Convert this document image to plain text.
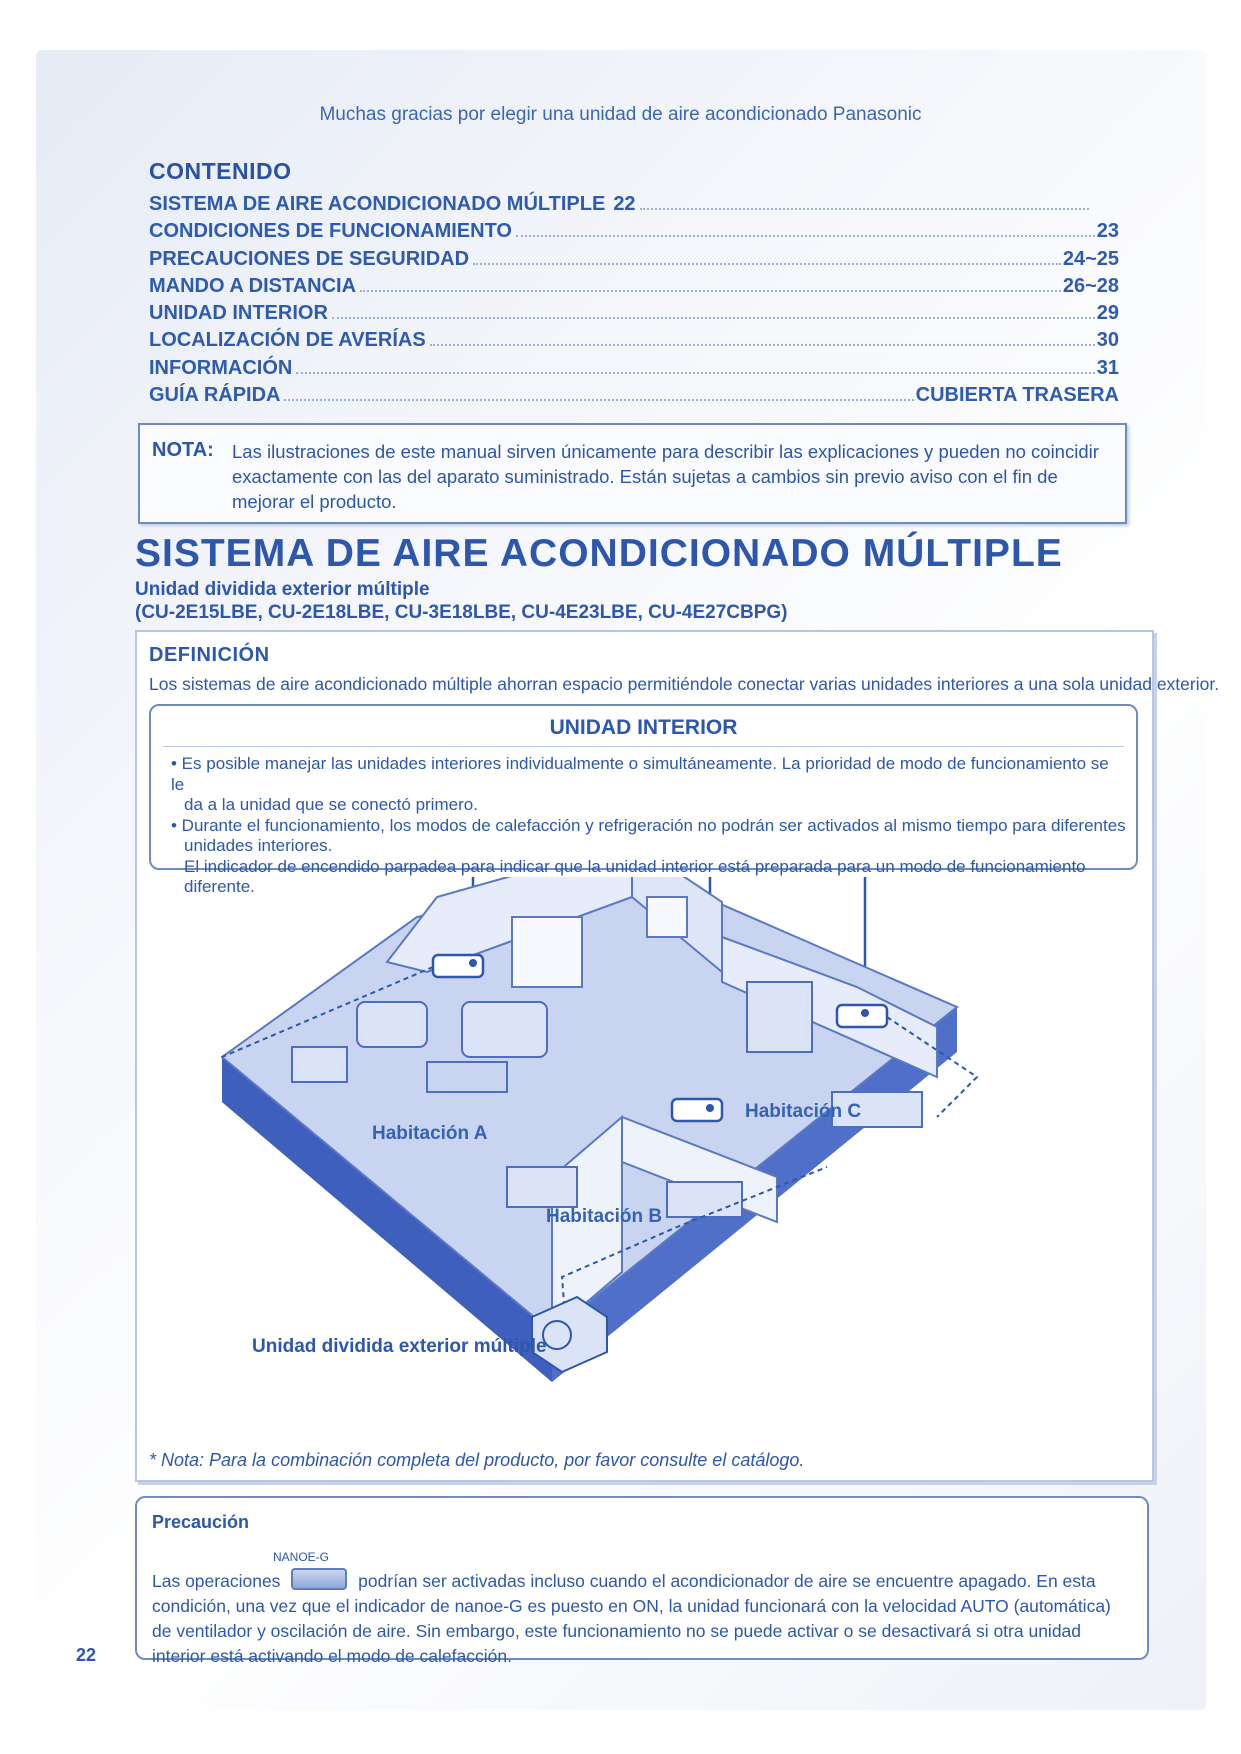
Muchas gracias por elegir una unidad de aire acondicionado Panasonic
CONTENIDO
SISTEMA DE AIRE ACONDICIONADO MÚLTIPLE 22
CONDICIONES DE FUNCIONAMIENTO	23
PRECAUCIONES DE SEGURIDAD	24~25
MANDO A DISTANCIA	26~28
UNIDAD INTERIOR	29
LOCALIZACIÓN DE AVERÍAS	30
INFORMACIÓN	31
GUÍA RÁPIDA	CUBIERTA TRASERA
NOTA: Las ilustraciones de este manual sirven únicamente para describir las explicaciones y pueden no coincidir exactamente con las del aparato suministrado. Están sujetas a cambios sin previo aviso con el fin de mejorar el producto.
SISTEMA DE AIRE ACONDICIONADO MÚLTIPLE
Unidad dividida exterior múltiple
(CU-2E15LBE, CU-2E18LBE, CU-3E18LBE, CU-4E23LBE, CU-4E27CBPG)
DEFINICIÓN
Los sistemas de aire acondicionado múltiple ahorran espacio permitiéndole conectar varias unidades interiores a una sola unidad exterior.
UNIDAD INTERIOR

• Es posible manejar las unidades interiores individualmente o simultáneamente. La prioridad de modo de funcionamiento se le

da a la unidad que se conectó primero.

• Durante el funcionamiento, los modos de calefacción y refrigeración no podrán ser activados al mismo tiempo para diferentes

unidades interiores.

El indicador de encendido parpadea para indicar que la unidad interior está preparada para un modo de funcionamiento diferente.

Habitación A
Habitación B
Habitación C
Unidad dividida exterior múltiple
* Nota: Para la combinación completa del producto, por favor consulte el catálogo.
Precaución
NANOE-G
Las operaciones	podrían ser activadas incluso cuando el acondicionador de aire se encuentre apagado. En esta condición, una vez que el indicador de nanoe-G es puesto en ON, la unidad funcionará con la velocidad AUTO (automática) de ventilador y oscilación de aire. Sin embargo, este funcionamiento no se puede activar o se desactivará si otra unidad interior está activando el modo de calefacción.
22
